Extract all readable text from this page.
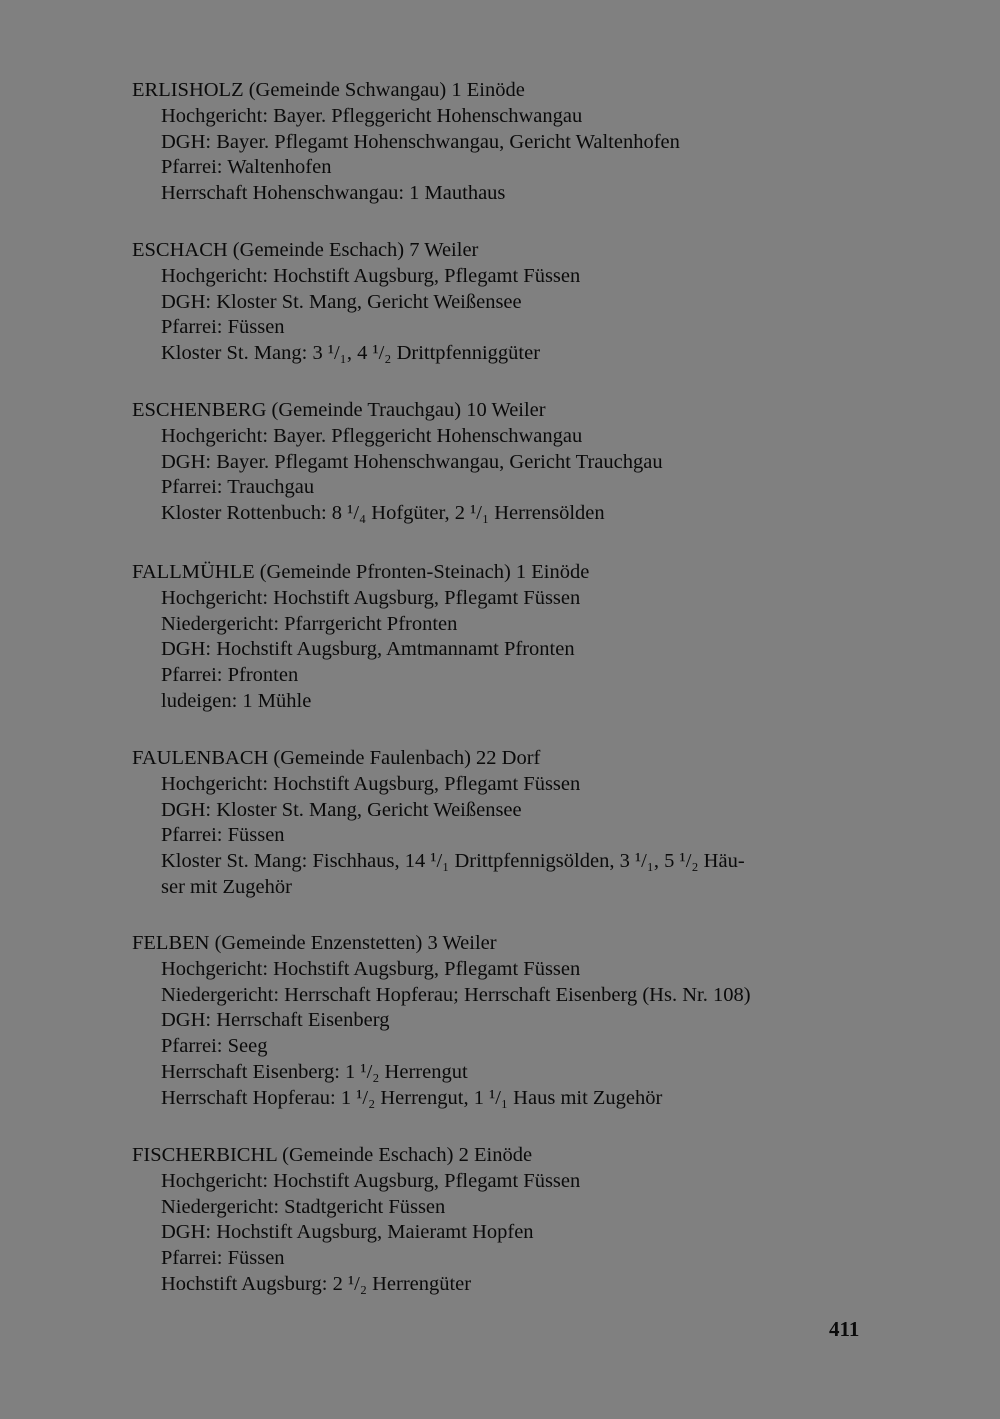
ERLISHOLZ (Gemeinde Schwangau) 1 Einöde
Hochgericht: Bayer. Pfleggericht Hohenschwangau
DGH: Bayer. Pflegamt Hohenschwangau, Gericht Waltenhofen
Pfarrei: Waltenhofen
Herrschaft Hohenschwangau: 1 Mauthaus
ESCHACH (Gemeinde Eschach) 7 Weiler
Hochgericht: Hochstift Augsburg, Pflegamt Füssen
DGH: Kloster St. Mang, Gericht Weißensee
Pfarrei: Füssen
Kloster St. Mang: 3 ¹/₁, 4 ¹/₂ Drittpfenniggüter
ESCHENBERG (Gemeinde Trauchgau) 10 Weiler
Hochgericht: Bayer. Pfleggericht Hohenschwangau
DGH: Bayer. Pflegamt Hohenschwangau, Gericht Trauchgau
Pfarrei: Trauchgau
Kloster Rottenbuch: 8 ¹/₄ Hofgüter, 2 ¹/₁ Herrensölden
FALLMÜHLE (Gemeinde Pfronten-Steinach) 1 Einöde
Hochgericht: Hochstift Augsburg, Pflegamt Füssen
Niedergericht: Pfarrgericht Pfronten
DGH: Hochstift Augsburg, Amtmannamt Pfronten
Pfarrei: Pfronten
ludeigen: 1 Mühle
FAULENBACH (Gemeinde Faulenbach) 22 Dorf
Hochgericht: Hochstift Augsburg, Pflegamt Füssen
DGH: Kloster St. Mang, Gericht Weißensee
Pfarrei: Füssen
Kloster St. Mang: Fischhaus, 14 ¹/₁ Drittpfennigsölden, 3 ¹/₁, 5 ¹/₂ Häu-
ser mit Zugehör
FELBEN (Gemeinde Enzenstetten) 3 Weiler
Hochgericht: Hochstift Augsburg, Pflegamt Füssen
Niedergericht: Herrschaft Hopferau; Herrschaft Eisenberg (Hs. Nr. 108)
DGH: Herrschaft Eisenberg
Pfarrei: Seeg
Herrschaft Eisenberg: 1 ¹/₂ Herrengut
Herrschaft Hopferau: 1 ¹/₂ Herrengut, 1 ¹/₁ Haus mit Zugehör
FISCHERBICHL (Gemeinde Eschach) 2 Einöde
Hochgericht: Hochstift Augsburg, Pflegamt Füssen
Niedergericht: Stadtgericht Füssen
DGH: Hochstift Augsburg, Maieramt Hopfen
Pfarrei: Füssen
Hochstift Augsburg: 2 ¹/₂ Herrengüter
411
